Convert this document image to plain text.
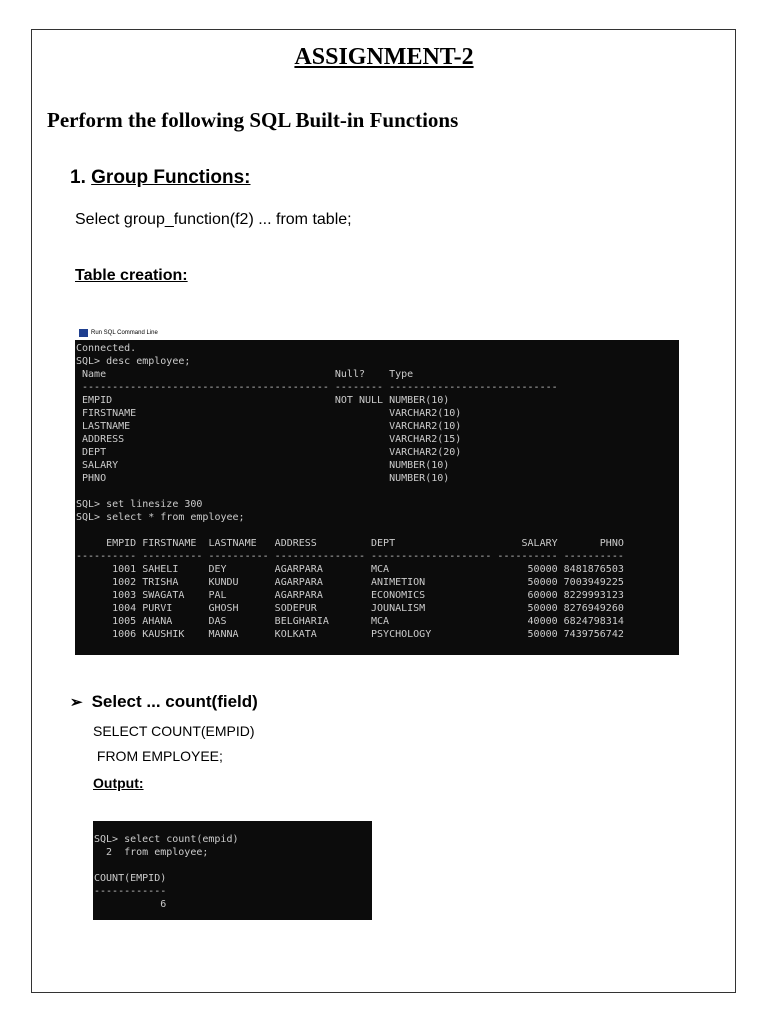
ASSIGNMENT-2
Perform the following SQL Built-in Functions
1. Group Functions:
Select group_function(f2) ... from table;
Table creation:
Run SQL Command Line
Connected.
SQL> desc employee;
Name                                      Null?    Type
----------------------------------------- -------- ----------------------------
EMPID                                     NOT NULL NUMBER(10)
FIRSTNAME                                          VARCHAR2(10)
LASTNAME                                           VARCHAR2(10)
ADDRESS                                            VARCHAR2(15)
DEPT                                               VARCHAR2(20)
SALARY                                             NUMBER(10)
PHNO                                               NUMBER(10)

SQL> set linesize 300
SQL> select * from employee;

EMPID FIRSTNAME  LASTNAME   ADDRESS         DEPT                     SALARY       PHNO
---------- ---------- ---------- --------------- -------------------- ---------- ----------
1001 SAHELI     DEY        AGARPARA        MCA                       50000 8481876503
1002 TRISHA     KUNDU      AGARPARA        ANIMETION                 50000 7003949225
1003 SWAGATA    PAL        AGARPARA        ECONOMICS                 60000 8229993123
1004 PURVI      GHOSH      SODEPUR         JOUNALISM                 50000 8276949260
1005 AHANA      DAS        BELGHARIA       MCA                       40000 6824798314
1006 KAUSHIK    MANNA      KOLKATA         PSYCHOLOGY                50000 7439756742
➢ Select ... count(field)
SELECT COUNT(EMPID)
FROM EMPLOYEE;
Output:
SQL> select count(empid)
2  from employee;

COUNT(EMPID)
------------
6
